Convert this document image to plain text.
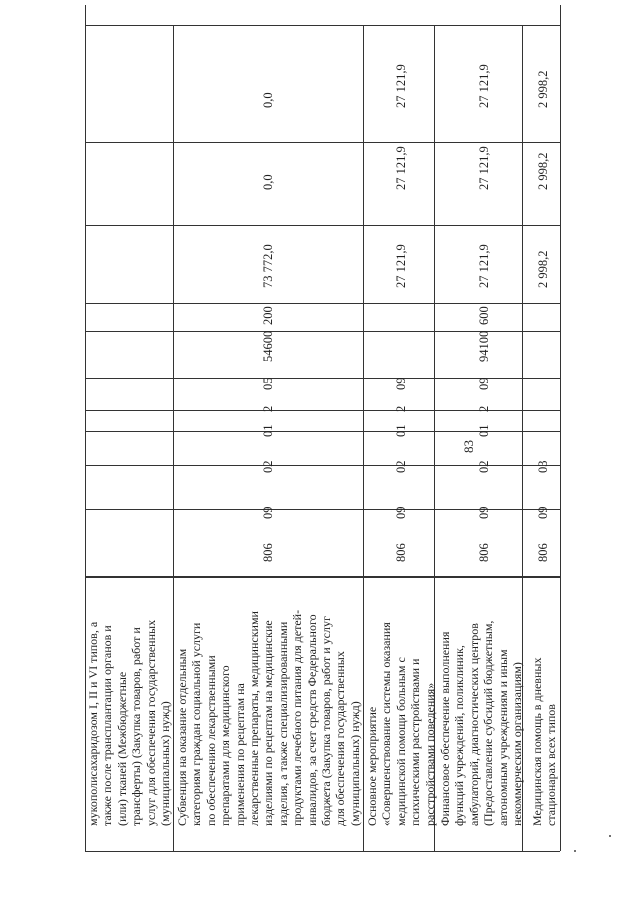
83
мукополисахаридозом I, II и VI типов, а также после трансплантации органов и (или) тканей (Межбюджетные трансферты) (Закупка товаров, работ и услуг для обеспечения государственных (муниципальных) нужд) Субвенция на оказание отдельным категориям граждан социальной услуги по обеспечению лекарственными препаратами для медицинского применения по рецептам на лекарственные препараты, медицинскими изделиями по рецептам на медицинские изделия, а также специализированными продуктами лечебного питания для детей- инвалидов, за счет средств Федерального бюджета (Закупка товаров, работ и услуг для обеспечения государственных (муниципальных) нужд)
806
09
02
01
2
05
54600
200
73 772,0
0,0
0,0
Основное мероприятие «Совершенствование системы оказания медицинской помощи больным с психическими расстройствами и расстройствами поведения»
806
09
02
01
2
09
27 121,9
27 121,9
27 121,9
Финансовое обеспечение выполнения функций учреждений, поликлиник, амбулаторий, диагностических центров (Предоставление субсидий бюджетным, автономным учреждениям и иным некоммерческим организациям)
806
09
02
01
2
09
94100
600
27 121,9
27 121,9
27 121,9
Медицинская помощь в дневных стационарах всех типов
806
09
03
2 998,2
2 998,2
2 998,2
